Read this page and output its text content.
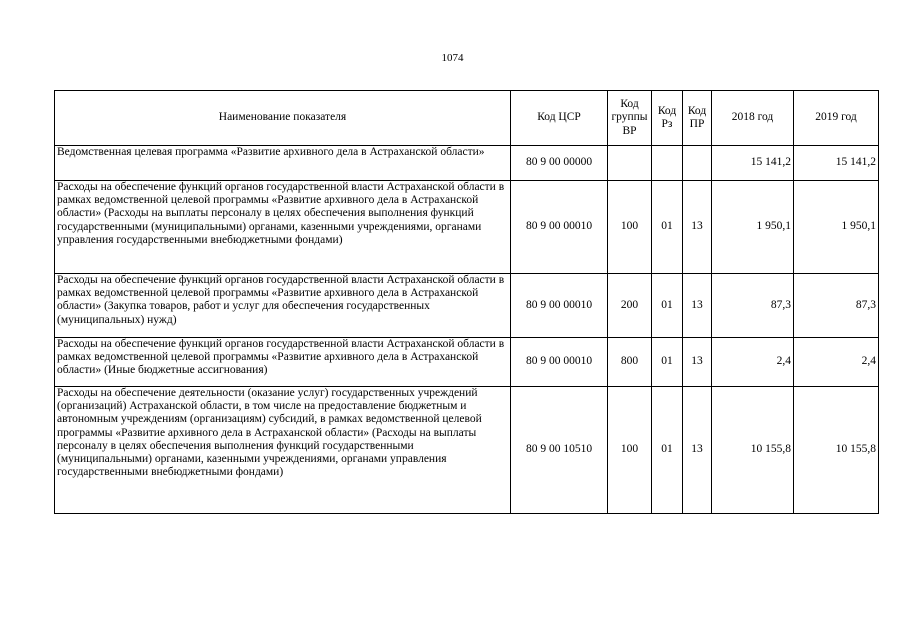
1074
Наименование показателя	Код ЦСР	Код группы ВР	Код Рз	Код ПР	2018 год	2019 год
Ведомственная целевая программа «Развитие архивного дела в Астраханской области»	80 9 00 00000				15 141,2	15 141,2
Расходы на обеспечение функций органов государственной власти Астраханской области в рамках ведомственной целевой программы «Развитие архивного дела в Астраханской области» (Расходы на выплаты персоналу в целях обеспечения выполнения функций государственными (муниципальными) органами, казенными учреждениями, органами управления государственными внебюджетными фондами)	80 9 00 00010	100	01	13	1 950,1	1 950,1
Расходы на обеспечение функций органов государственной власти Астраханской области в рамках ведомственной целевой программы «Развитие архивного дела в Астраханской области» (Закупка товаров, работ и услуг для обеспечения государственных (муниципальных) нужд)	80 9 00 00010	200	01	13	87,3	87,3
Расходы на обеспечение функций органов государственной власти Астраханской области в рамках ведомственной целевой программы «Развитие архивного дела в Астраханской области» (Иные бюджетные ассигнования)	80 9 00 00010	800	01	13	2,4	2,4
Расходы на обеспечение деятельности (оказание услуг) государственных учреждений (организаций) Астраханской области, в том числе на предоставление бюджетным и автономным учреждениям (организациям) субсидий, в рамках ведомственной целевой программы «Развитие архивного дела в Астраханской области» (Расходы на выплаты персоналу в целях обеспечения выполнения функций государственными (муниципальными) органами, казенными учреждениями, органами управления государственными внебюджетными фондами)	80 9 00 10510	100	01	13	10 155,8	10 155,8
